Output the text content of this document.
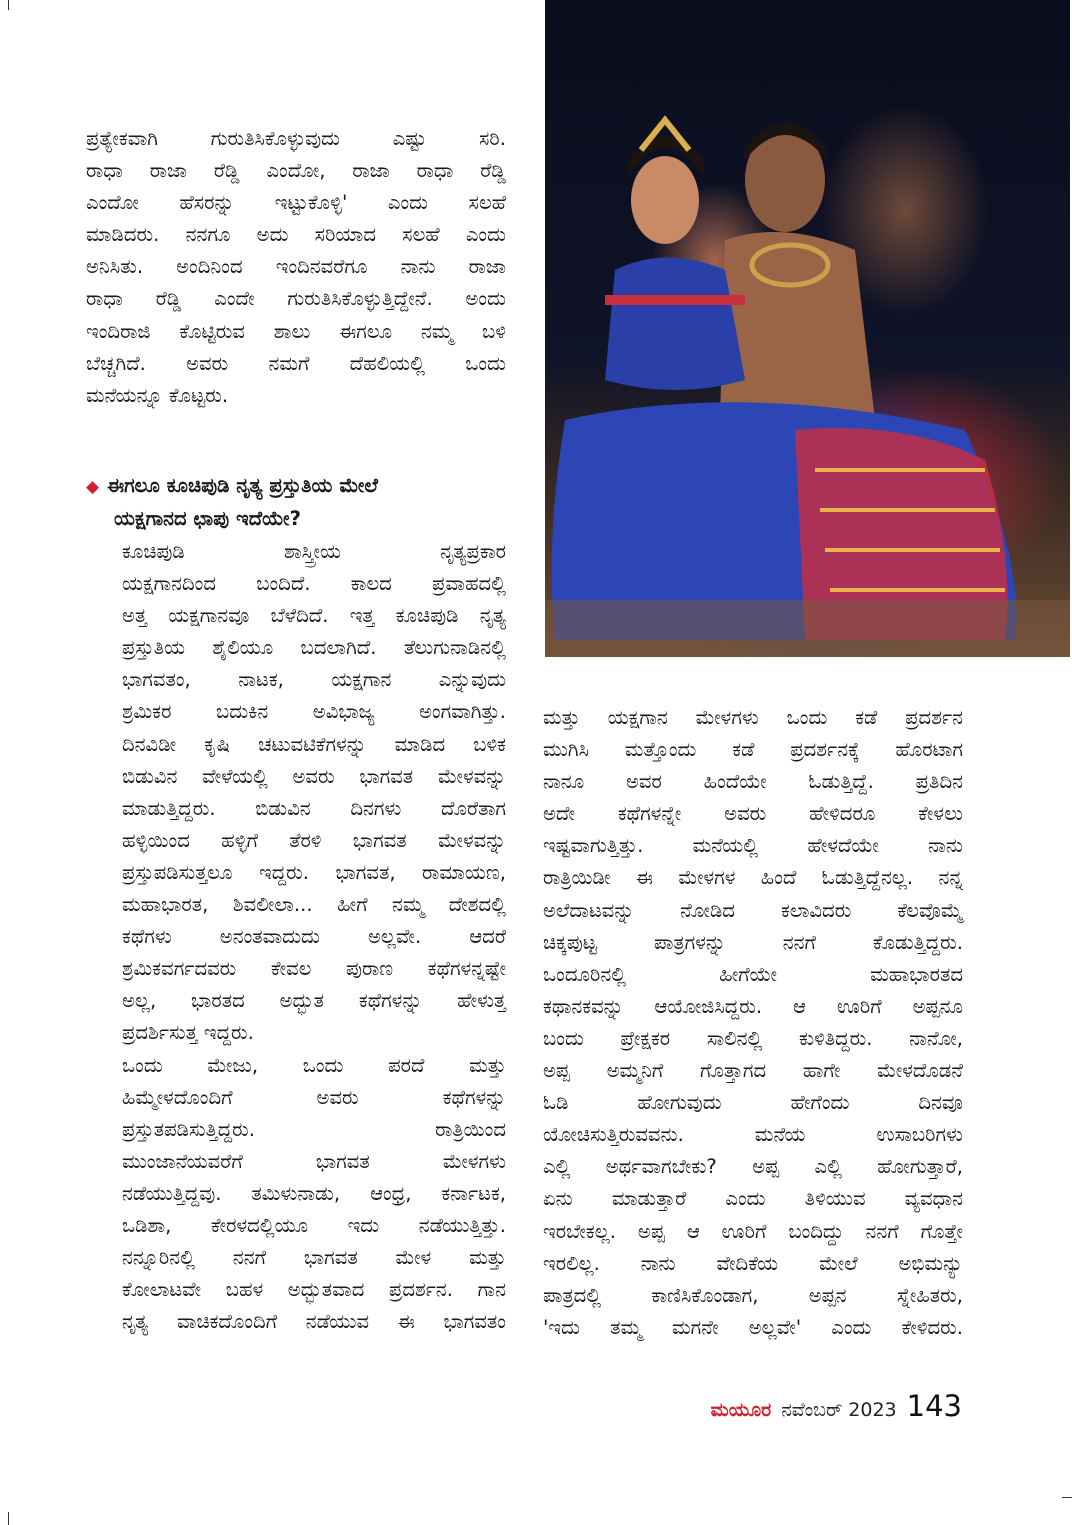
ಪ್ರತ್ಯೇಕವಾಗಿ ಗುರುತಿಸಿಕೊಳ್ಳುವುದು ಎಷ್ಟು ಸರಿ.
ರಾಧಾ ರಾಜಾ ರೆಡ್ಡಿ ಎಂದೋ, ರಾಜಾ ರಾಧಾ ರೆಡ್ಡಿ
ಎಂದೋ ಹೆಸರನ್ನು ಇಟ್ಟುಕೊಳ್ಳಿ' ಎಂದು ಸಲಹೆ
ಮಾಡಿದರು. ನನಗೂ ಅದು ಸರಿಯಾದ ಸಲಹೆ ಎಂದು
ಅನಿಸಿತು. ಅಂದಿನಿಂದ ಇಂದಿನವರೆಗೂ ನಾನು ರಾಜಾ
ರಾಧಾ ರೆಡ್ಡಿ ಎಂದೇ ಗುರುತಿಸಿಕೊಳ್ಳುತ್ತಿದ್ದೇನೆ. ಅಂದು
ಇಂದಿರಾಜಿ ಕೊಟ್ಟಿರುವ ಶಾಲು ಈಗಲೂ ನಮ್ಮ ಬಳಿ
ಬೆಚ್ಚಗಿದೆ. ಅವರು ನಮಗೆ ದೆಹಲಿಯಲ್ಲಿ ಒಂದು
ಮನೆಯನ್ನೂ ಕೊಟ್ಟರು.

◆ ಈಗಲೂ ಕೂಚಿಪುಡಿ ನೃತ್ಯ ಪ್ರಸ್ತುತಿಯ ಮೇಲೆ
ಯಕ್ಷಗಾನದ ಛಾಪು ಇದೆಯೇ?

ಕೂಚಿಪುಡಿ ಶಾಸ್ತ್ರೀಯ ನೃತ್ಯಪ್ರಕಾರ
ಯಕ್ಷಗಾನದಿಂದ ಬಂದಿದೆ. ಕಾಲದ ಪ್ರವಾಹದಲ್ಲಿ
ಅತ್ತ ಯಕ್ಷಗಾನವೂ ಬೆಳೆದಿದೆ. ಇತ್ತ ಕೂಚಿಪುಡಿ ನೃತ್ಯ
ಪ್ರಸ್ತುತಿಯ ಶೈಲಿಯೂ ಬದಲಾಗಿದೆ. ತೆಲುಗುನಾಡಿನಲ್ಲಿ
ಭಾಗವತಂ, ನಾಟಕ, ಯಕ್ಷಗಾನ ಎನ್ನುವುದು
ಶ್ರಮಿಕರ ಬದುಕಿನ ಅವಿಭಾಜ್ಯ ಅಂಗವಾಗಿತ್ತು.
ದಿನವಿಡೀ ಕೃಷಿ ಚಟುವಟಿಕೆಗಳನ್ನು ಮಾಡಿದ ಬಳಿಕ
ಬಿಡುವಿನ ವೇಳೆಯಲ್ಲಿ ಅವರು ಭಾಗವತ ಮೇಳವನ್ನು
ಮಾಡುತ್ತಿದ್ದರು. ಬಿಡುವಿನ ದಿನಗಳು ದೊರೆತಾಗ
ಹಳ್ಳಿಯಿಂದ ಹಳ್ಳಿಗೆ ತೆರಳಿ ಭಾಗವತ ಮೇಳವನ್ನು
ಪ್ರಸ್ತುಪಡಿಸುತ್ತಲೂ ಇದ್ದರು. ಭಾಗವತ, ರಾಮಾಯಣ,
ಮಹಾಭಾರತ, ಶಿವಲೀಲಾ... ಹೀಗೆ ನಮ್ಮ ದೇಶದಲ್ಲಿ
ಕಥೆಗಳು ಅನಂತವಾದುದು ಅಲ್ಲವೇ. ಆದರೆ
ಶ್ರಮಿಕವರ್ಗದವರು ಕೇವಲ ಪುರಾಣ ಕಥೆಗಳನ್ನಷ್ಟೇ
ಅಲ್ಲ, ಭಾರತದ ಅದ್ಭುತ ಕಥೆಗಳನ್ನು ಹೇಳುತ್ತ
ಪ್ರದರ್ಶಿಸುತ್ತ ಇದ್ದರು.

ಒಂದು ಮೇಜು, ಒಂದು ಪರದೆ ಮತ್ತು
ಹಿಮ್ಮೇಳದೊಂದಿಗೆ ಅವರು ಕಥೆಗಳನ್ನು
ಪ್ರಸ್ತುತಪಡಿಸುತ್ತಿದ್ದರು. ರಾತ್ರಿಯಿಂದ
ಮುಂಜಾನೆಯವರೆಗೆ ಭಾಗವತ ಮೇಳಗಳು
ನಡೆಯುತ್ತಿದ್ದವು. ತಮಿಳುನಾಡು, ಆಂಧ್ರ, ಕರ್ನಾಟಕ,
ಒಡಿಶಾ, ಕೇರಳದಲ್ಲಿಯೂ ಇದು ನಡೆಯುತ್ತಿತ್ತು.
ನನ್ನೂರಿನಲ್ಲಿ ನನಗೆ ಭಾಗವತ ಮೇಳ ಮತ್ತು
ಕೋಲಾಟವೇ ಬಹಳ ಅದ್ಭುತವಾದ ಪ್ರದರ್ಶನ. ಗಾನ
ನೃತ್ಯ ವಾಚಿಕದೊಂದಿಗೆ ನಡೆಯುವ ಈ ಭಾಗವತಂ

ಮತ್ತು ಯಕ್ಷಗಾನ ಮೇಳಗಳು ಒಂದು ಕಡೆ ಪ್ರದರ್ಶನ
ಮುಗಿಸಿ ಮತ್ತೊಂದು ಕಡೆ ಪ್ರದರ್ಶನಕ್ಕೆ ಹೊರಟಾಗ
ನಾನೂ ಅವರ ಹಿಂದೆಯೇ ಓಡುತ್ತಿದ್ದೆ. ಪ್ರತಿದಿನ
ಅದೇ ಕಥೆಗಳನ್ನೇ ಅವರು ಹೇಳಿದರೂ ಕೇಳಲು
ಇಷ್ಟವಾಗುತ್ತಿತ್ತು. ಮನೆಯಲ್ಲಿ ಹೇಳದೆಯೇ ನಾನು
ರಾತ್ರಿಯಿಡೀ ಈ ಮೇಳಗಳ ಹಿಂದೆ ಓಡುತ್ತಿದ್ದೆನಲ್ಲ. ನನ್ನ
ಅಲೆದಾಟವನ್ನು ನೋಡಿದ ಕಲಾವಿದರು ಕೆಲವೊಮ್ಮೆ
ಚಿಕ್ಕಪುಟ್ಟ ಪಾತ್ರಗಳನ್ನು ನನಗೆ ಕೊಡುತ್ತಿದ್ದರು.
ಒಂದೂರಿನಲ್ಲಿ ಹೀಗೆಯೇ ಮಹಾಭಾರತದ
ಕಥಾನಕವನ್ನು ಆಯೋಜಿಸಿದ್ದರು. ಆ ಊರಿಗೆ ಅಪ್ಪನೂ
ಬಂದು ಪ್ರೇಕ್ಷಕರ ಸಾಲಿನಲ್ಲಿ ಕುಳಿತಿದ್ದರು. ನಾನೋ,
ಅಪ್ಪ ಅಮ್ಮನಿಗೆ ಗೊತ್ತಾಗದ ಹಾಗೇ ಮೇಳದೊಡನೆ
ಓಡಿ ಹೋಗುವುದು ಹೇಗೆಂದು ದಿನವೂ
ಯೋಚಿಸುತ್ತಿರುವವನು. ಮನೆಯ ಉಸಾಬರಿಗಳು
ಎಲ್ಲಿ ಅರ್ಥವಾಗಬೇಕು? ಅಪ್ಪ ಎಲ್ಲಿ ಹೋಗುತ್ತಾರೆ,
ಏನು ಮಾಡುತ್ತಾರೆ ಎಂದು ತಿಳಿಯುವ ವ್ಯವಧಾನ
ಇರಬೇಕಲ್ಲ. ಅಪ್ಪ ಆ ಊರಿಗೆ ಬಂದಿದ್ದು ನನಗೆ ಗೊತ್ತೇ
ಇರಲಿಲ್ಲ. ನಾನು ವೇದಿಕೆಯ ಮೇಲೆ ಅಭಿಮನ್ಯು
ಪಾತ್ರದಲ್ಲಿ ಕಾಣಿಸಿಕೊಂಡಾಗ, ಅಪ್ಪನ ಸ್ನೇಹಿತರು,
'ಇದು ತಮ್ಮ ಮಗನೇ ಅಲ್ಲವೇ' ಎಂದು ಕೇಳಿದರು.

ಮಯೂರ ನವೆಂಬರ್ 2023 143
